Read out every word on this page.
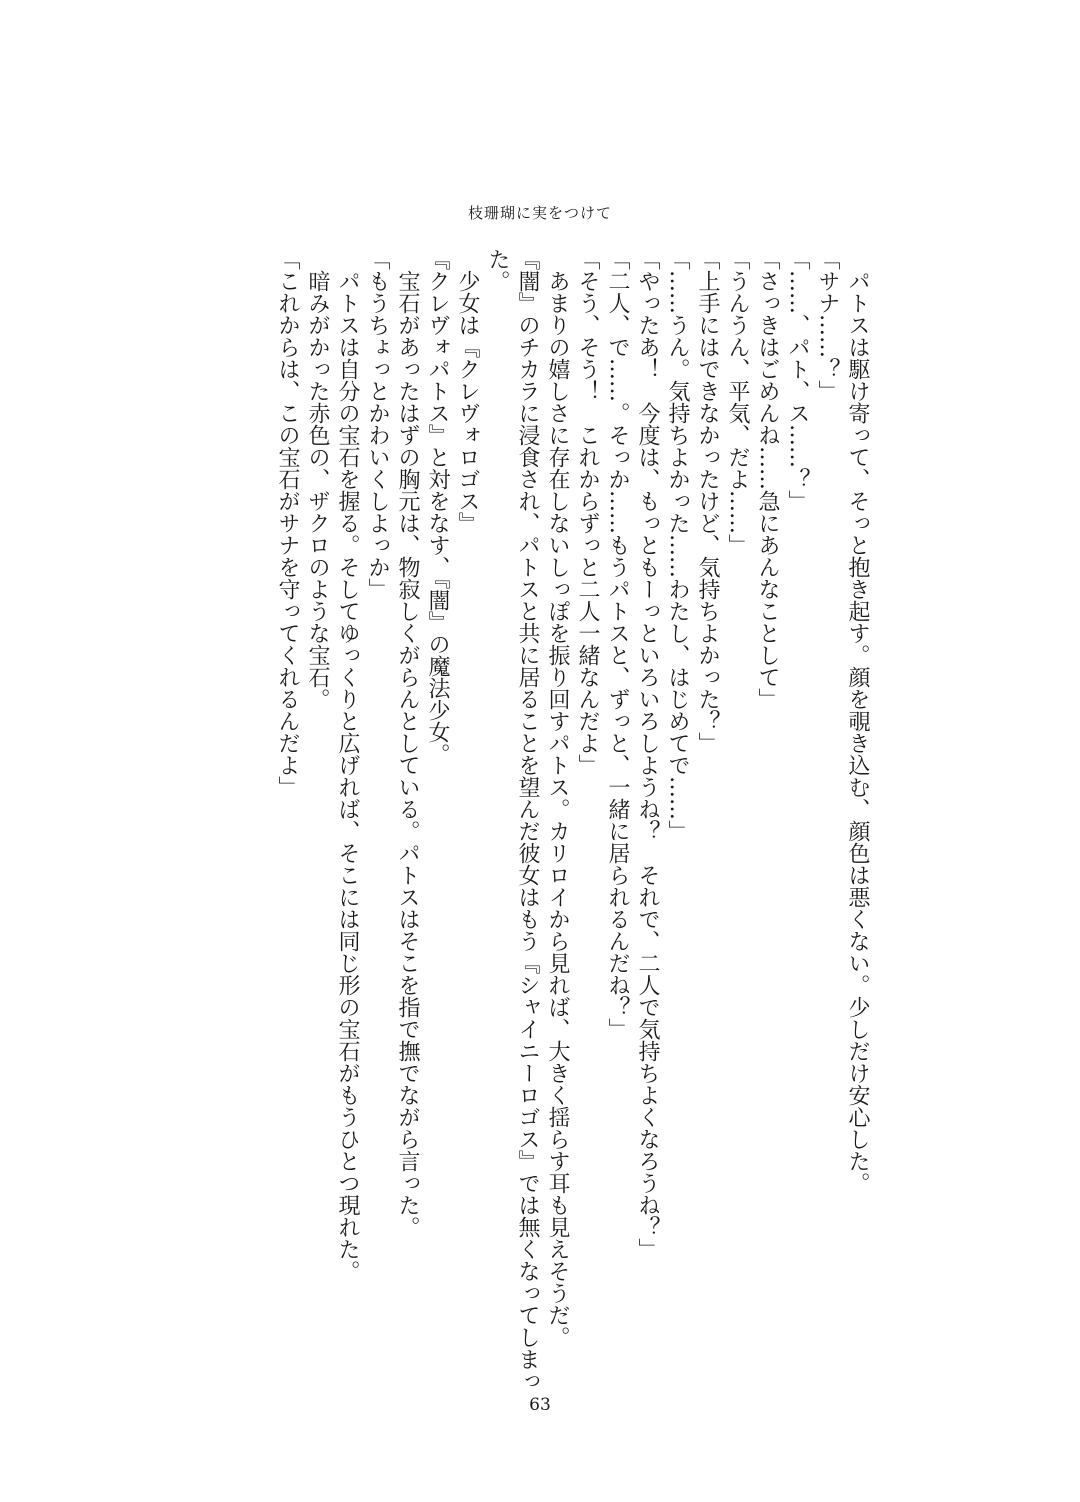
枝珊瑚に実をつけて

　パトスは駆け寄って、そっと抱き起す。顔を覗き込む、顔色は悪くない。少しだけ安心した。

「サナ……？」

「……、パト、ス……？」

「さっきはごめんね……急にあんなことして」

「うんうん、平気、だよ……」

「上手にはできなかったけど、気持ちよかった？」

「……うん。気持ちよかった……わたし、はじめてで……」

「やったあ！　今度は、もっともーっといろいろしようね？　それで、二人で気持ちよくなろうね？」

「二人、で……。そっか……もうパトスと、ずっと、一緒に居られるんだね？」

「そう、そう！　これからずっと二人一緒なんだよ」

　あまりの嬉しさに存在しないしっぽを振り回すパトス。カリロイから見れば、大きく揺らす耳も見えそうだ。

『闇』のチカラに浸食され、パトスと共に居ることを望んだ彼女はもう『シャイニーロゴス』では無くなってしまっ

た。

　少女は『クレヴォロゴス』

『クレヴォパトス』と対をなす、『闇』の魔法少女。

　宝石があったはずの胸元は、物寂しくがらんとしている。パトスはそこを指で撫でながら言った。

「もうちょっとかわいくしよっか」

　パトスは自分の宝石を握る。そしてゆっくりと広げれば、そこには同じ形の宝石がもうひとつ現れた。

　暗みがかった赤色の、ザクロのような宝石。

「これからは、この宝石がサナを守ってくれるんだよ」

63
